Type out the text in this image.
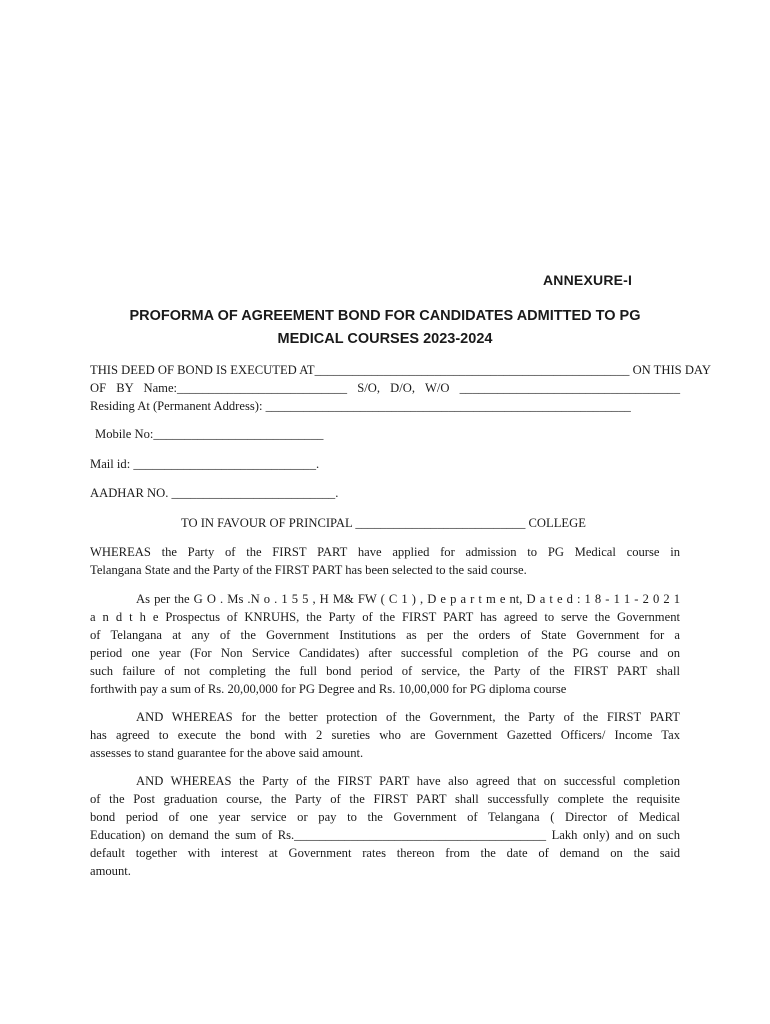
ANNEXURE-I
PROFORMA OF AGREEMENT BOND FOR CANDIDATES ADMITTED TO PG
MEDICAL COURSES 2023-2024
THIS DEED OF BOND IS EXECUTED AT__________________________________________________ ON THIS DAY
OF BY Name:___________________________ S/O, D/O, W/O ___________________________________
Residing At (Permanent Address): __________________________________________________________
Mobile No:___________________________
Mail id: _____________________________.
AADHAR NO. __________________________.
TO IN FAVOUR OF PRINCIPAL ___________________________ COLLEGE
WHEREAS the Party of the FIRST PART have applied for admission to PG Medical course in
Telangana State and the Party of the FIRST PART has been selected to the said course.
As per the G O . Ms .N o . 1 5 5 , H M& FW ( C 1 ) , D e p a r t m e nt, D a t e d : 1 8 - 1 1 - 2 0 2 1
a n d t h e Prospectus of KNRUHS, the Party of the FIRST PART has agreed to serve the Government
of Telangana at any of the Government Institutions as per the orders of State Government for a
period one year (For Non Service Candidates) after successful completion of the PG course and on
such failure of not completing the full bond period of service, the Party of the FIRST PART shall
forthwith pay a sum of Rs. 20,00,000 for PG Degree and Rs. 10,00,000 for PG diploma course
AND WHEREAS for the better protection of the Government, the Party of the FIRST PART
has agreed to execute the bond with 2 sureties who are Government Gazetted Officers/ Income Tax
assesses to stand guarantee for the above said amount.
AND WHEREAS the Party of the FIRST PART have also agreed that on successful completion
of the Post graduation course, the Party of the FIRST PART shall successfully complete the requisite
bond period of one year service or pay to the Government of Telangana ( Director of Medical
Education) on demand the sum of Rs.________________________________________ Lakh only) and on such
default together with interest at Government rates thereon from the date of demand on the said
amount.
